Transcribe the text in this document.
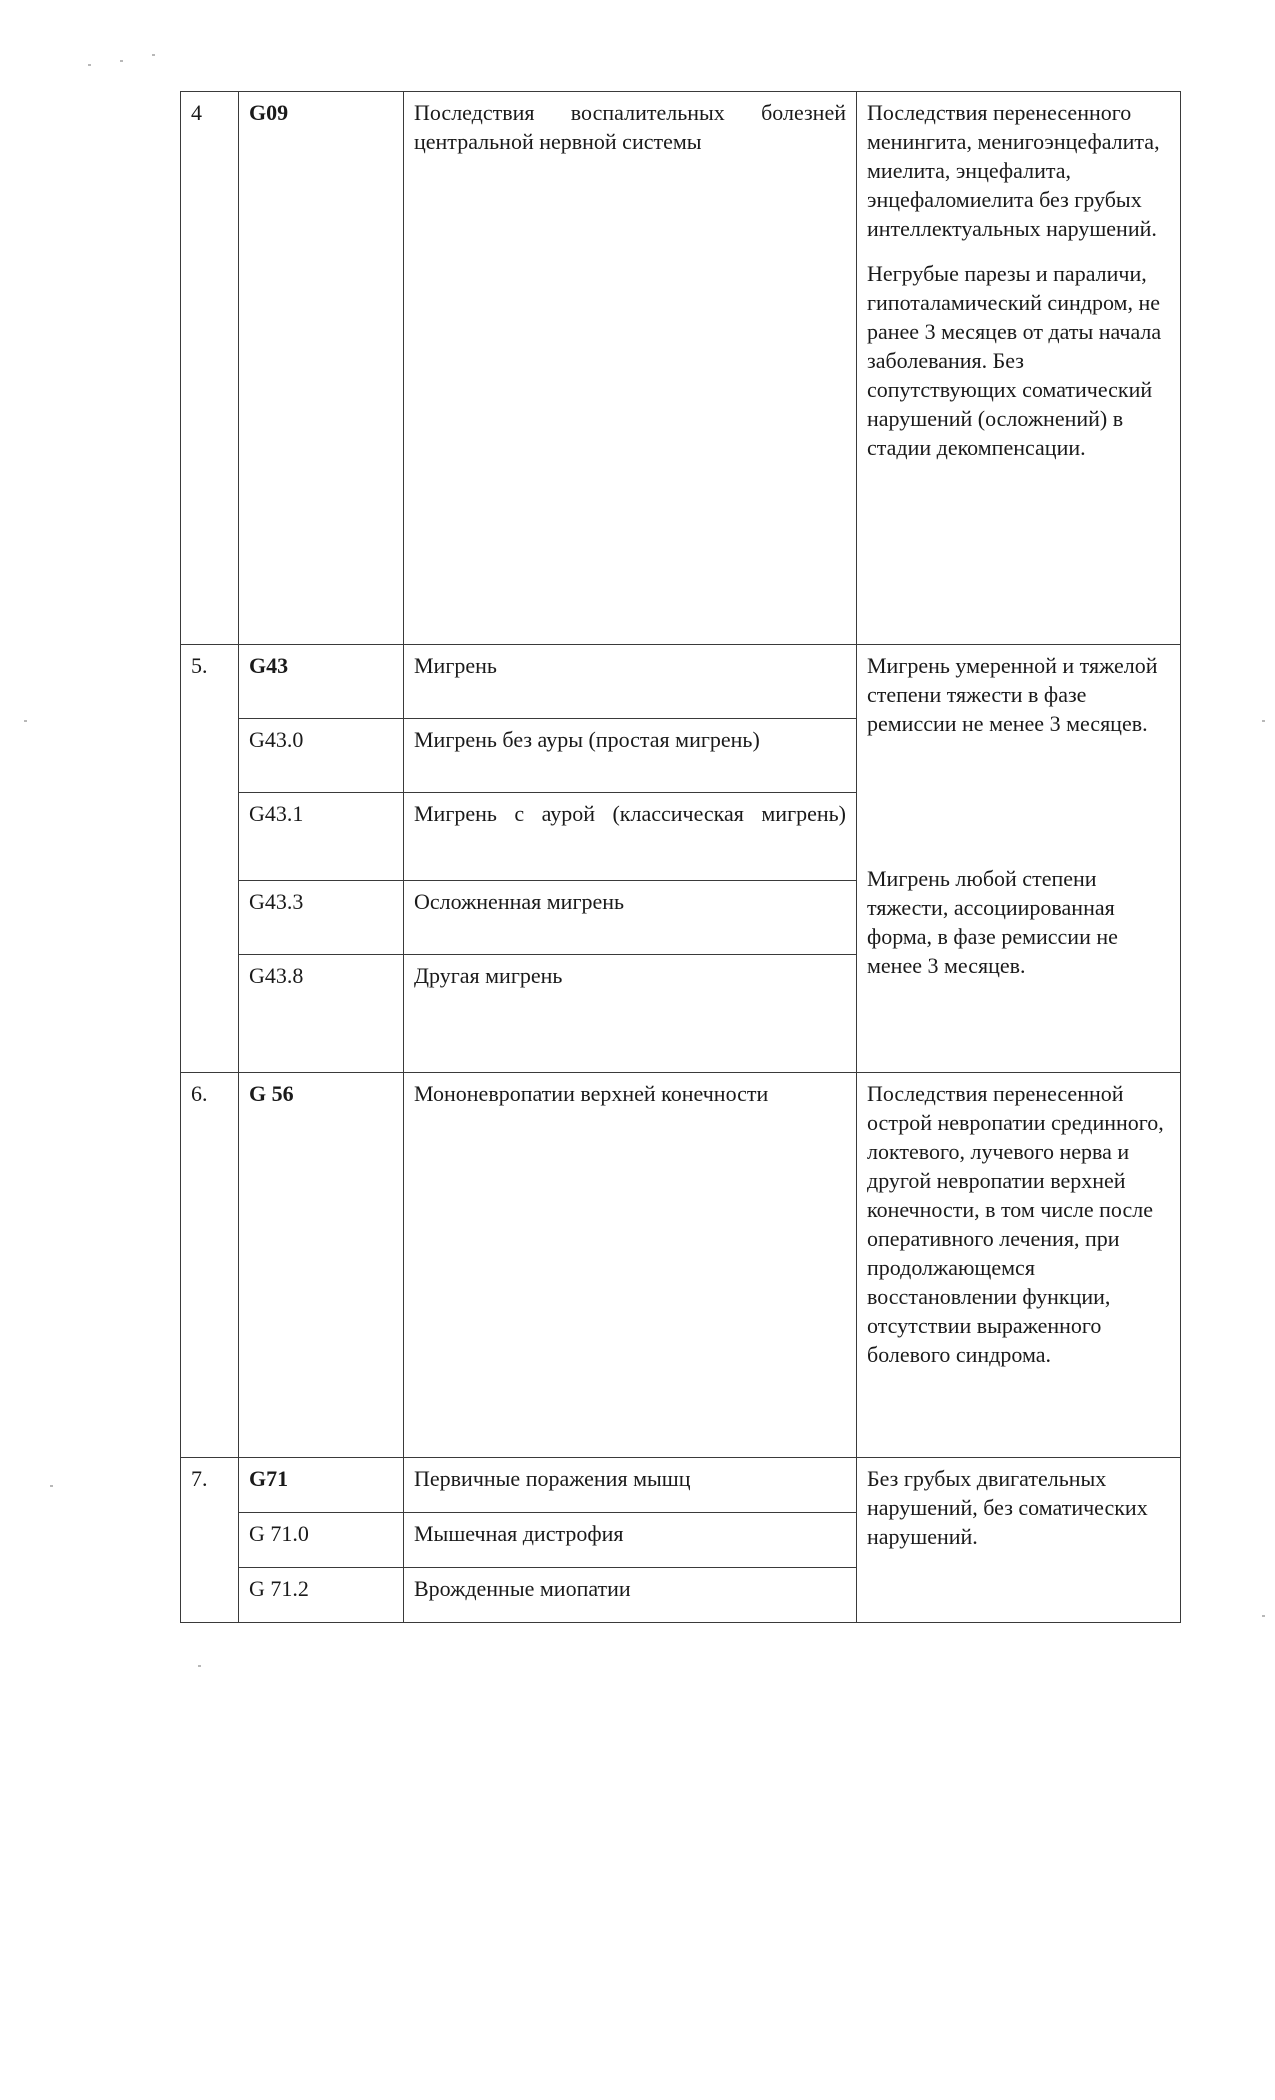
4	G09	Последствия воспалительных болезней центральной нервной системы	Последствия перенесенного менингита, менигоэнцефалита, миелита, энцефалита, энцефаломиелита без грубых интеллектуальных нарушений.
Негрубые парезы и параличи, гипоталамический синдром, не ранее 3 месяцев от даты начала заболевания. Без сопутствующих соматический нарушений (осложнений) в стадии декомпенсации.

5.	G43	Мигрень	Мигрень умеренной и тяжелой степени тяжести в фазе ремиссии не менее 3 месяцев.
Мигрень любой степени тяжести, ассоциированная форма, в фазе ремиссии не менее 3 месяцев.

	G43.0	Мигрень без ауры (простая мигрень)	
	G43.1	Мигрень с аурой (классическая мигрень)	

	G43.3	Осложненная мигрень	
	G43.8	Другая мигрень	
6.	G 56	Мононевропатии верхней конечности	Последствия перенесенной острой невропатии срединного, локтевого, лучевого нерва и другой невропатии верхней конечности, в том числе после оперативного лечения, при продолжающемся восстановлении функции, отсутствии выраженного болевого синдрома.

7.	G71	Первичные поражения мышц	Без грубых двигательных нарушений, без соматических нарушений.

	G 71.0	Мышечная дистрофия	
	G 71.2	Врожденные миопатии	
